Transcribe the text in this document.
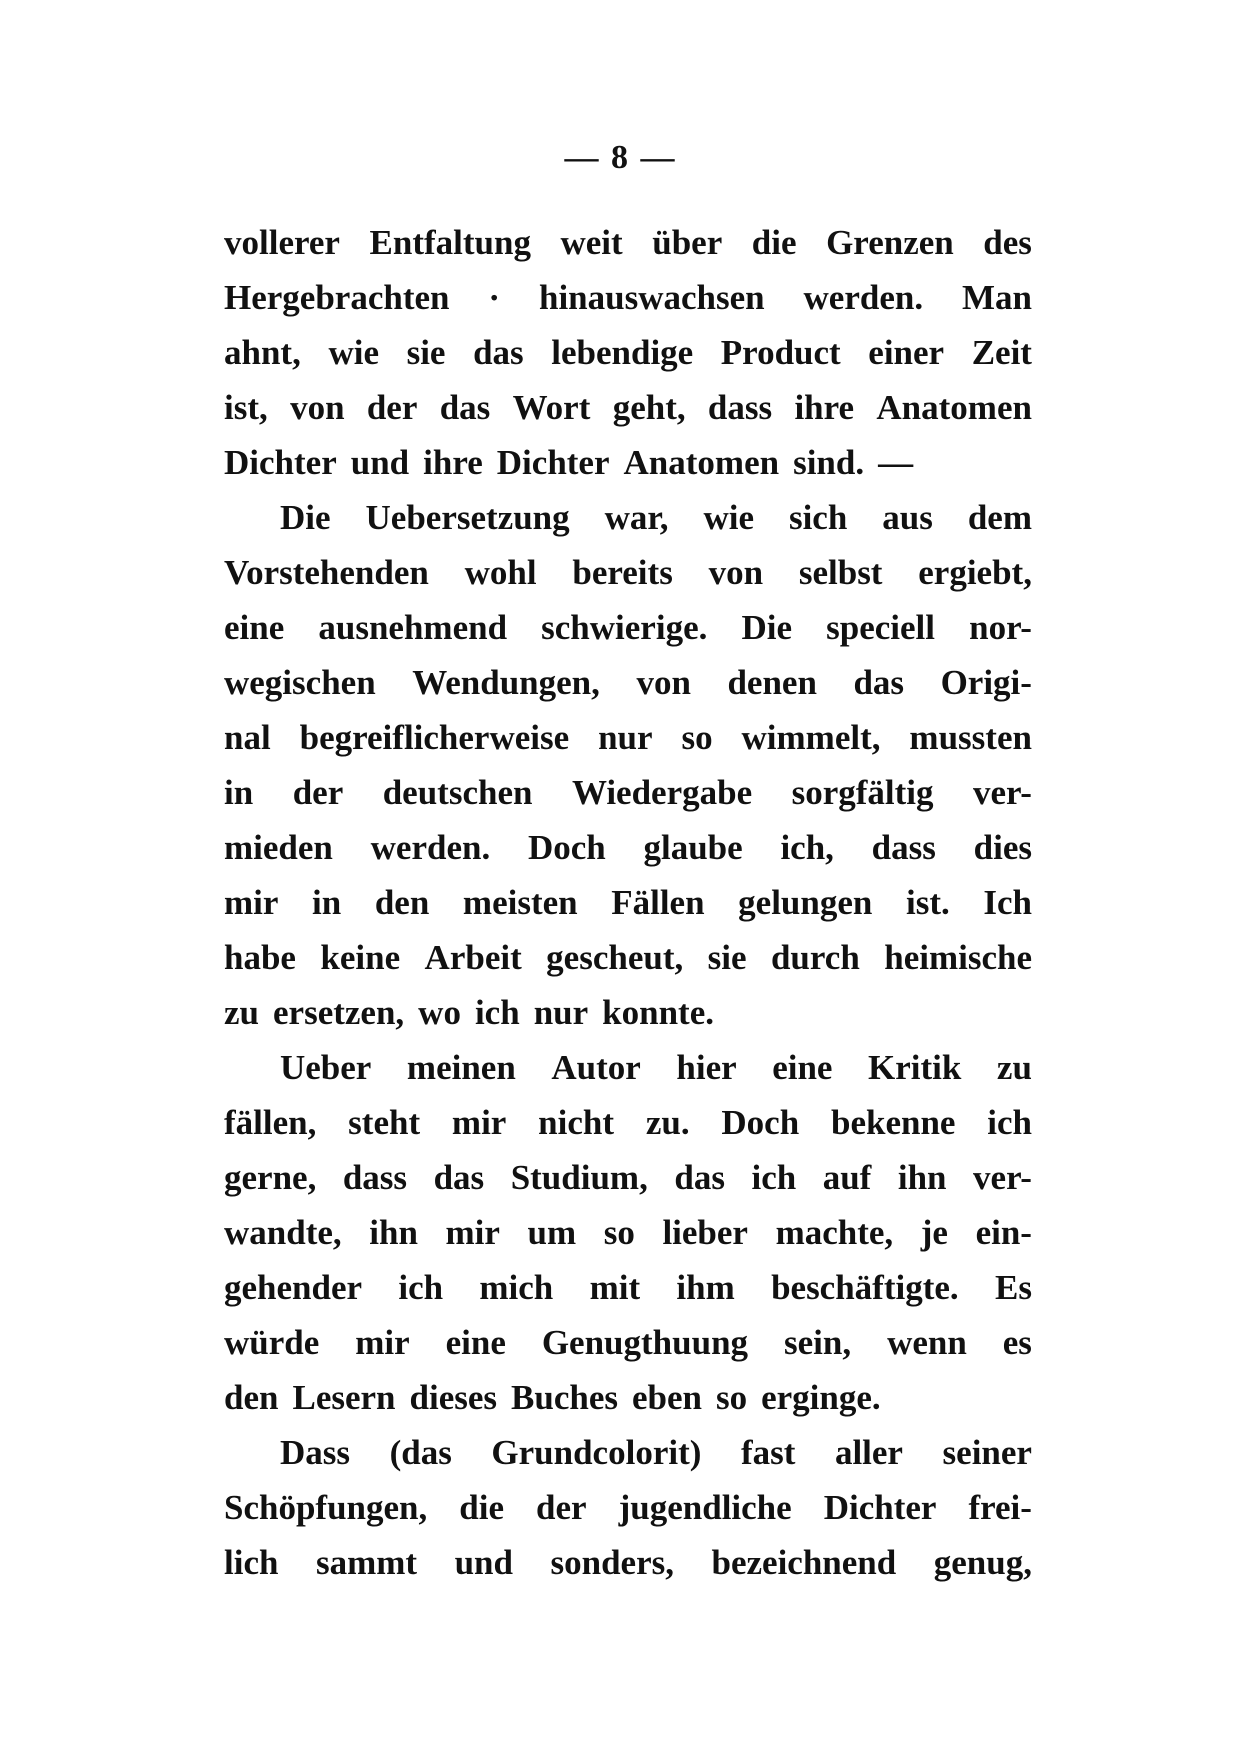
— 8 —
vollerer Entfaltung weit über die Grenzen des
Hergebrachten · hinauswachsen werden. Man
ahnt, wie sie das lebendige Product einer Zeit
ist, von der das Wort geht, dass ihre Anatomen
Dichter und ihre Dichter Anatomen sind. —
Die Uebersetzung war, wie sich aus dem
Vorstehenden wohl bereits von selbst ergiebt,
eine ausnehmend schwierige. Die speciell nor-
wegischen Wendungen, von denen das Origi-
nal begreiflicherweise nur so wimmelt, mussten
in der deutschen Wiedergabe sorgfältig ver-
mieden werden. Doch glaube ich, dass dies
mir in den meisten Fällen gelungen ist. Ich
habe keine Arbeit gescheut, sie durch heimische
zu ersetzen, wo ich nur konnte.
Ueber meinen Autor hier eine Kritik zu
fällen, steht mir nicht zu. Doch bekenne ich
gerne, dass das Studium, das ich auf ihn ver-
wandte, ihn mir um so lieber machte, je ein-
gehender ich mich mit ihm beschäftigte. Es
würde mir eine Genugthuung sein, wenn es
den Lesern dieses Buches eben so erginge.
Dass (das Grundcolorit) fast aller seiner
Schöpfungen, die der jugendliche Dichter frei-
lich sammt und sonders, bezeichnend genug,
